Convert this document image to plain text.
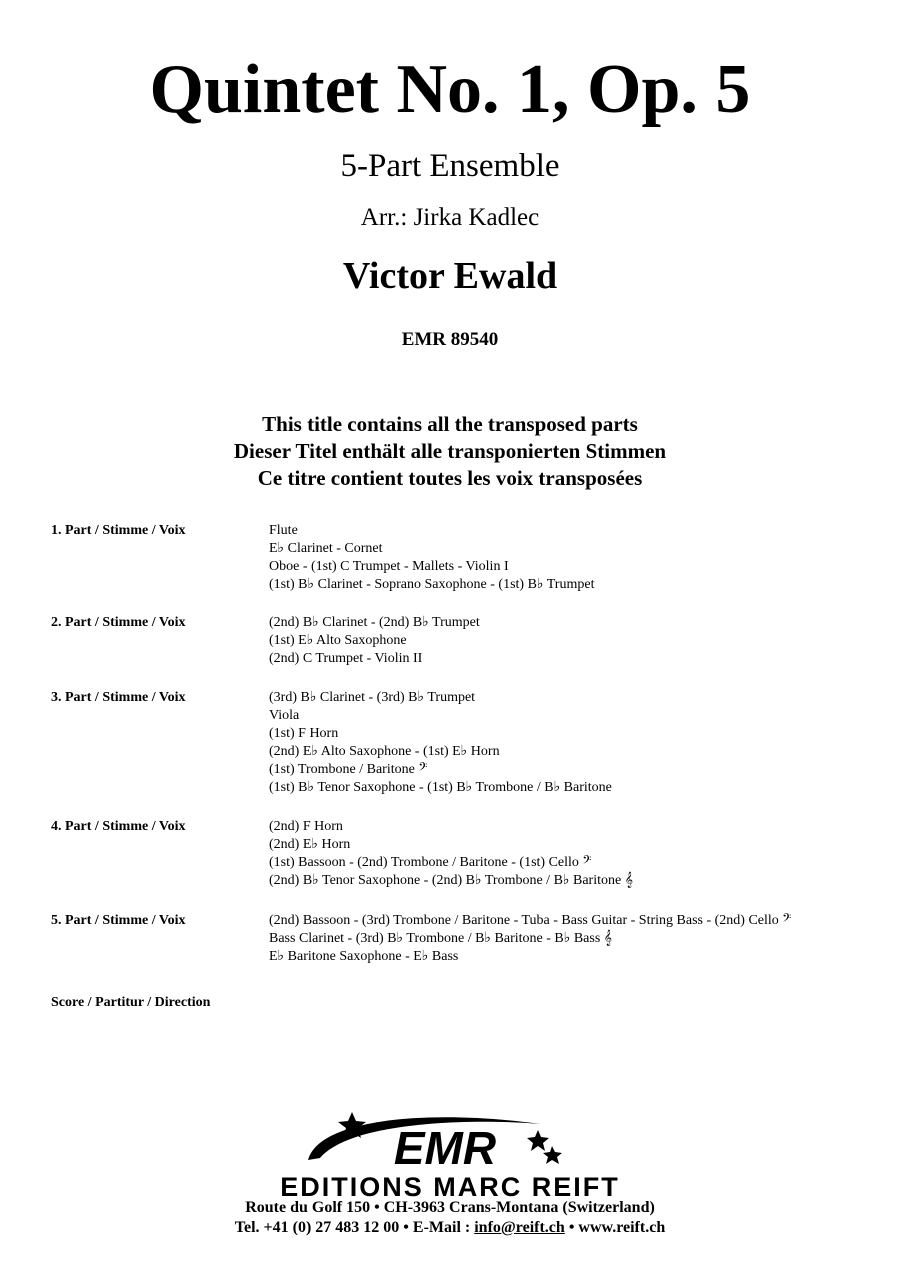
Quintet No. 1, Op. 5
5-Part Ensemble
Arr.: Jirka Kadlec
Victor Ewald
EMR 89540
This title contains all the transposed parts
Dieser Titel enthält alle transponierten Stimmen
Ce titre contient toutes les voix transposées
1. Part / Stimme / Voix	Flute
E♭ Clarinet - Cornet
Oboe - (1st) C Trumpet - Mallets - Violin I
(1st) B♭ Clarinet - Soprano Saxophone - (1st) B♭ Trumpet
2. Part / Stimme / Voix	(2nd) B♭ Clarinet - (2nd) B♭ Trumpet
(1st) E♭ Alto Saxophone
(2nd) C Trumpet - Violin II
3. Part / Stimme / Voix	(3rd) B♭ Clarinet - (3rd) B♭ Trumpet
Viola
(1st) F Horn
(2nd) E♭ Alto Saxophone - (1st) E♭ Horn
(1st) Trombone / Baritone 𝄢
(1st) B♭ Tenor Saxophone - (1st) B♭ Trombone / B♭ Baritone
4. Part / Stimme / Voix	(2nd) F Horn
(2nd) E♭ Horn
(1st) Bassoon - (2nd) Trombone / Baritone - (1st) Cello 𝄢
(2nd) B♭ Tenor Saxophone - (2nd) B♭ Trombone / B♭ Baritone 𝄞
5. Part / Stimme / Voix	(2nd) Bassoon - (3rd) Trombone / Baritone - Tuba - Bass Guitar - String Bass - (2nd) Cello 𝄢
Bass Clarinet - (3rd) B♭ Trombone / B♭ Baritone - B♭ Bass 𝄞
E♭ Baritone Saxophone - E♭ Bass
Score / Partitur / Direction
EMR
EDITIONS MARC REIFT
Route du Golf 150 • CH-3963 Crans-Montana (Switzerland)
Tel. +41 (0) 27 483 12 00 • E-Mail : info@reift.ch • www.reift.ch
